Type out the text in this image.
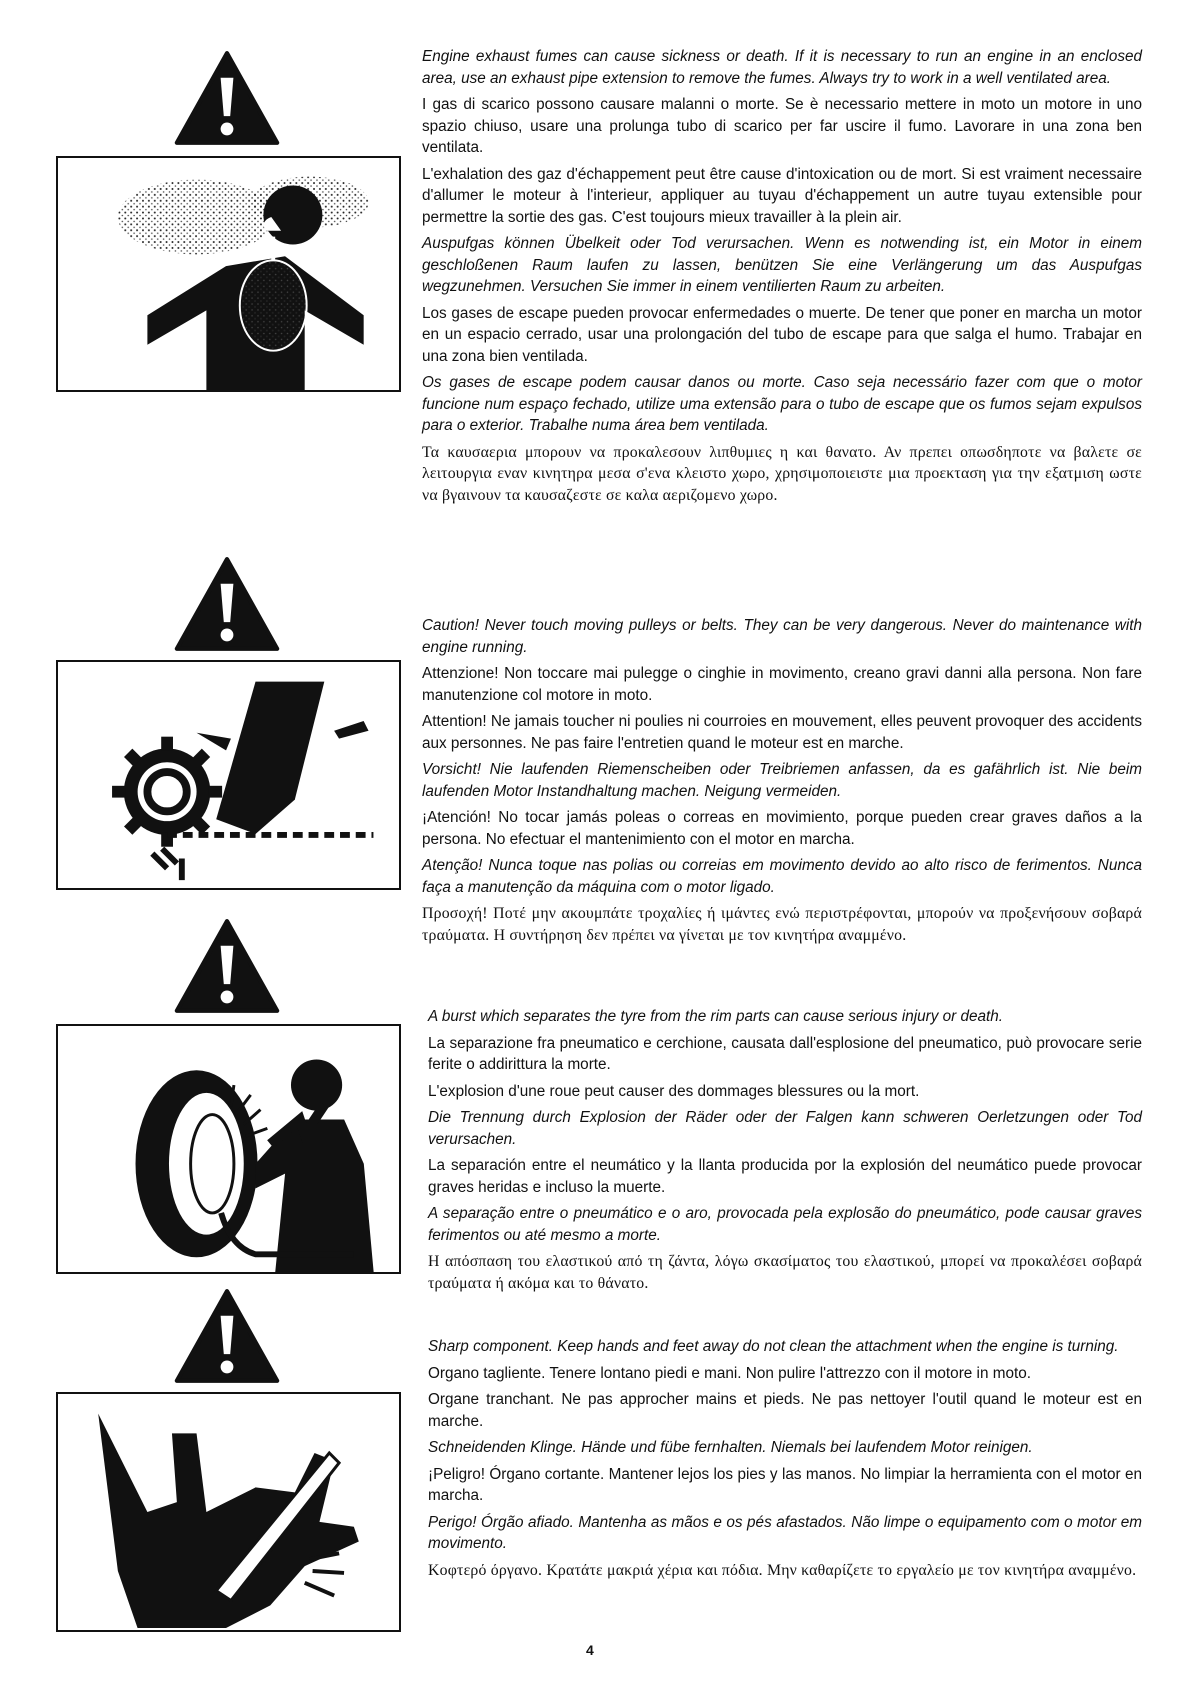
Engine exhaust fumes can cause sickness or death. If it is necessary to run an engine in an enclosed area, use an exhaust pipe extension to remove the fumes. Always try to work in a well ventilated area.

I gas di scarico possono causare malanni o morte. Se è necessario mettere in moto un motore in uno spazio chiuso, usare una prolunga tubo di scarico per far uscire il fumo. Lavorare in una zona ben ventilata.

L'exhalation des gaz d'échappement peut être cause d'intoxication ou de mort. Si est vraiment necessaire d'allumer le moteur à l'interieur, appliquer au tuyau d'échappement un autre tuyau extensible pour permettre la sortie des gas. C'est toujours mieux travailler à la plein air.

Auspufgas können Übelkeit oder Tod verursachen. Wenn es notwending ist, ein Motor in einem geschloßenen Raum laufen zu lassen, benützen Sie eine Verlängerung um das Auspufgas wegzunehmen. Versuchen Sie immer in einem ventilierten Raum zu arbeiten.

Los gases de escape pueden provocar enfermedades o muerte. De tener que poner en marcha un motor en un espacio cerrado, usar una prolongación del tubo de escape para que salga el humo. Trabajar en una zona bien ventilada.

Os gases de escape podem causar danos ou morte. Caso seja necessário fazer com que o motor funcione num espaço fechado, utilize uma extensão para o tubo de escape que os fumos sejam expulsos para o exterior. Trabalhe numa área bem ventilada.

Τα καυσαερια μπορουν να προκαλεσουν λιπθυμιες η και θανατο. Αν πρεπει οπωσδηποτε να βαλετε σε λειτουργια εναν κινητηρα μεσα σ'ενα κλειστο χωρο, χρησιμοποιειστε μια προεκταση για την εξατμιση ωστε να βγαινουν τα καυσαζεστε σε καλα αεριζομενο χωρο.

Caution! Never touch moving pulleys or belts. They can be very dangerous. Never do maintenance with engine running.

Attenzione! Non toccare mai pulegge o cinghie in movimento, creano gravi danni alla persona. Non fare manutenzione col motore in moto.

Attention! Ne jamais toucher ni poulies ni courroies en mouvement, elles peuvent provoquer des accidents aux personnes. Ne pas faire l'entretien quand le moteur est en marche.

Vorsicht! Nie laufenden Riemenscheiben oder Treibriemen anfassen, da es gafährlich ist. Nie beim laufenden Motor Instandhaltung machen. Neigung vermeiden.

¡Atención! No tocar jamás poleas o correas en movimiento, porque pueden crear graves daños a la persona. No efectuar el mantenimiento con el motor en marcha.

Atenção! Nunca toque nas polias ou correias em movimento devido ao alto risco de ferimentos. Nunca faça a manutenção da máquina com o motor ligado.

Προσοχή! Ποτέ μην ακουμπάτε τροχαλίες ή ιμάντες ενώ περιστρέφονται, μπορούν να προξενήσουν σοβαρά τραύματα. Η συντήρηση δεν πρέπει να γίνεται με τον κινητήρα αναμμένο.

A burst which separates the tyre from the rim parts can cause serious injury or death.

La separazione fra pneumatico e cerchione, causata dall'esplosione del pneumatico, può provocare serie ferite o addirittura la morte.

L'explosion d'une roue peut causer des dommages blessures ou la mort.

Die Trennung durch Explosion der Räder oder der Falgen kann schweren Oerletzungen oder Tod verursachen.

La separación entre el neumático y la llanta producida por la explosión del neumático puede provocar graves heridas e incluso la muerte.

A separação entre o pneumático e o aro, provocada pela explosão do pneumático, pode causar graves ferimentos ou até mesmo a morte.

Η απόσπαση του ελαστικού από τη ζάντα, λόγω σκασίματος του ελαστικού, μπορεί να προκαλέσει σοβαρά τραύματα ή ακόμα και το θάνατο.

Sharp component. Keep hands and feet away do not clean the attachment when the engine is turning.

Organo tagliente. Tenere lontano piedi e mani. Non pulire l'attrezzo con il motore in moto.

Organe tranchant. Ne pas approcher mains et pieds. Ne pas nettoyer l'outil quand le moteur est en marche.

Schneidenden Klinge. Hände und fübe fernhalten. Niemals bei laufendem Motor reinigen.

¡Peligro! Órgano cortante. Mantener lejos los pies y las manos. No limpiar la herramienta con el motor en marcha.

Perigo! Órgão afiado. Mantenha as mãos e os pés afastados. Não limpe o equipamento com o motor em movimento.

Κοφτερό όργανο. Κρατάτε μακριά χέρια και πόδια. Μην καθαρίζετε το εργαλείο με τον κινητήρα αναμμένο.

4
